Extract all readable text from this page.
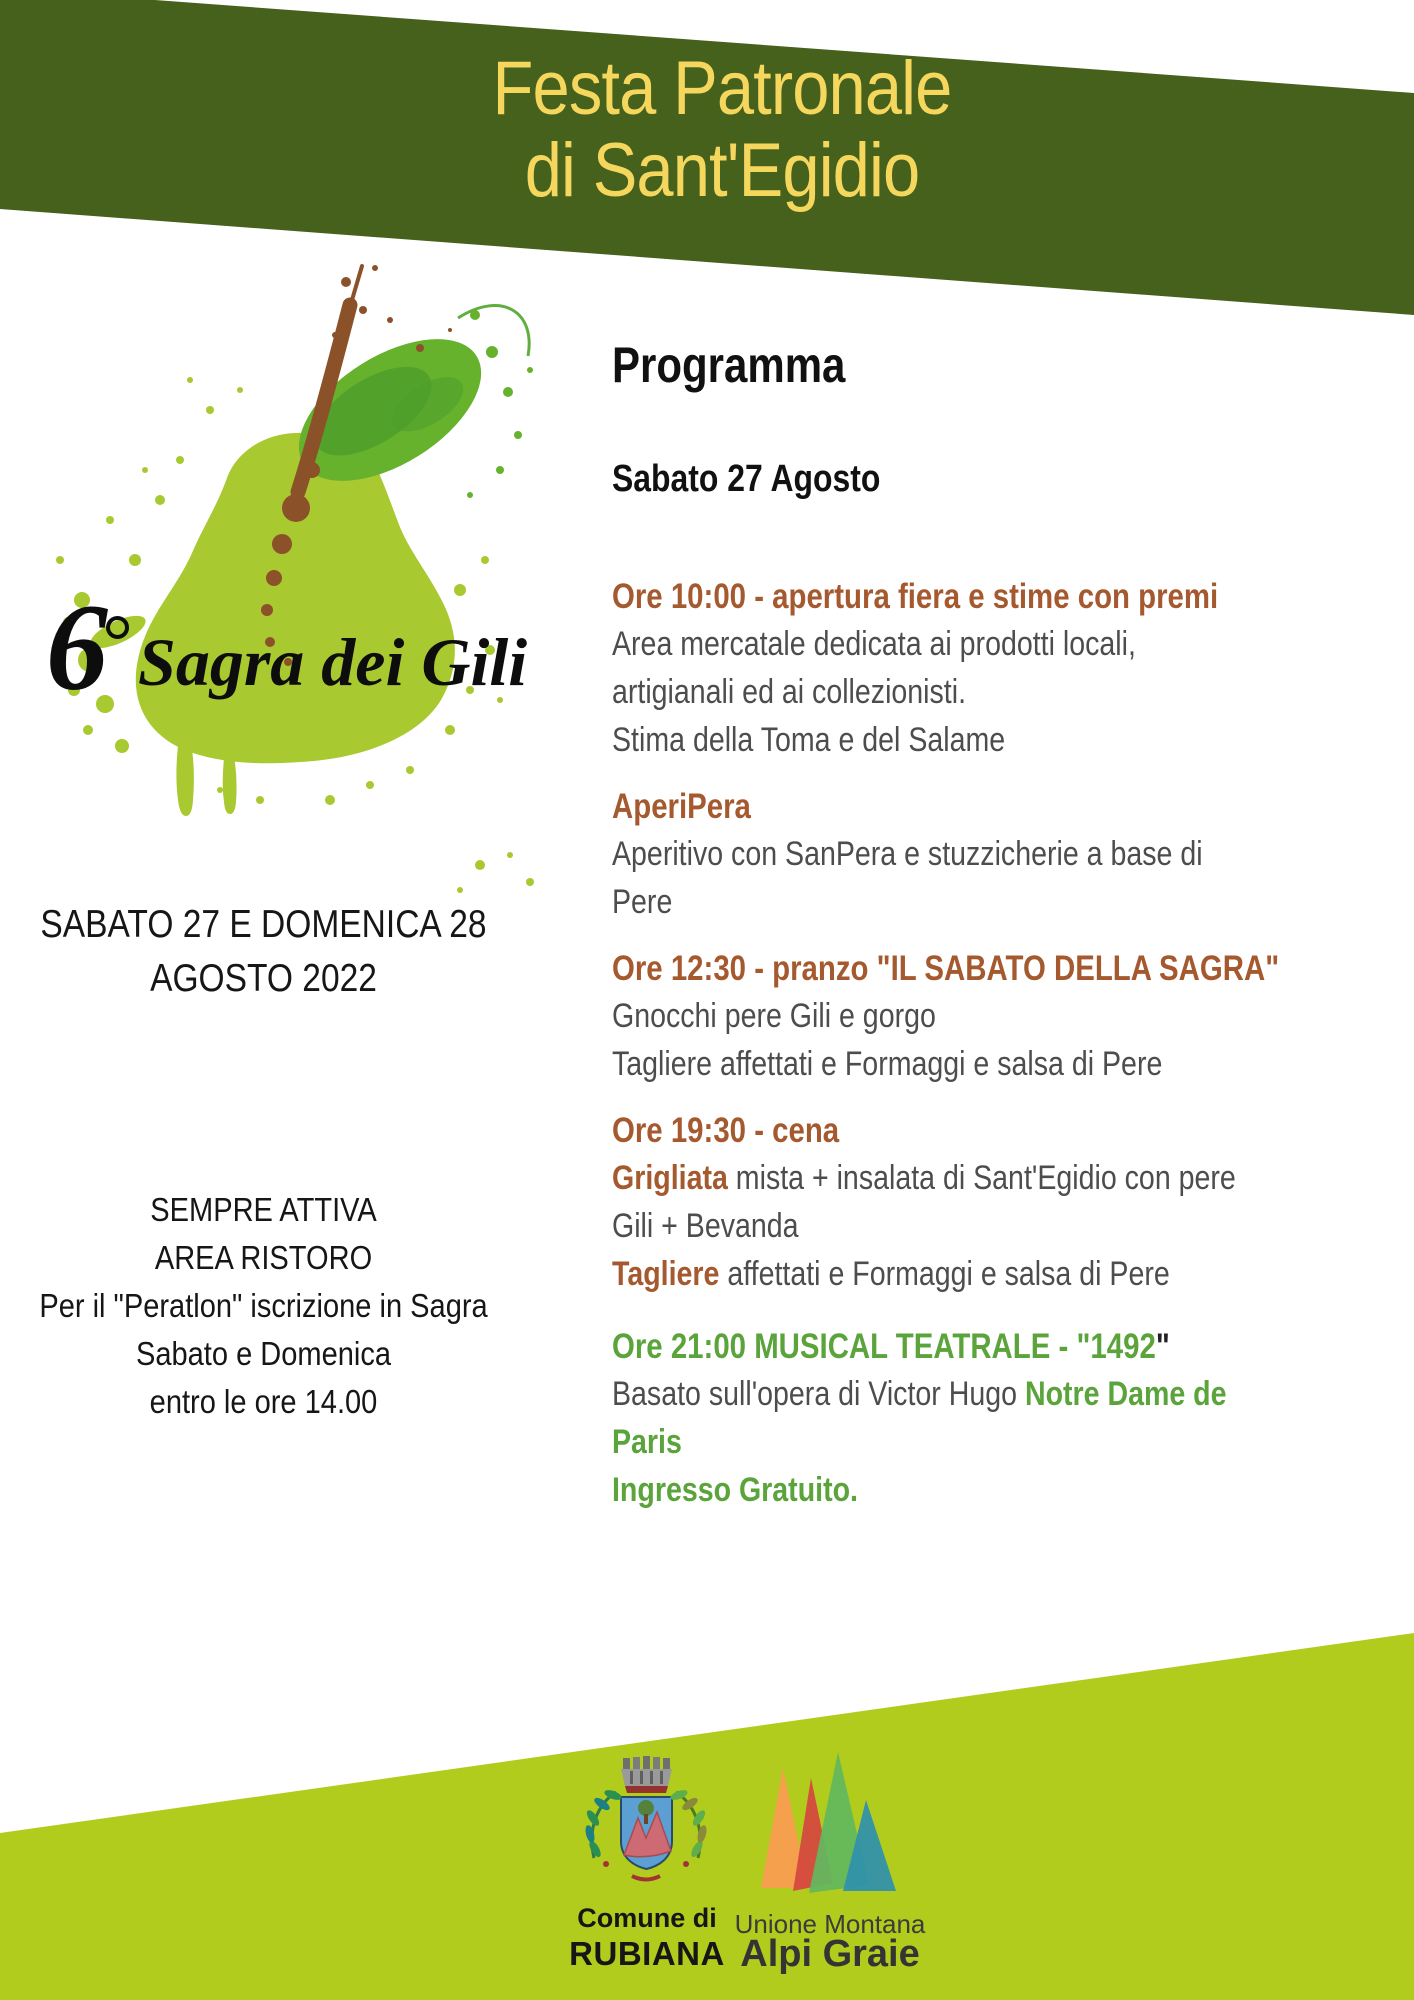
Festa Patronale
di Sant'Egidio
6 Sagra dei Gili
SABATO 27 E DOMENICA 28
AGOSTO 2022
SEMPRE ATTIVA
AREA RISTORO
Per il "Peratlon" iscrizione in Sagra
Sabato e Domenica
entro le ore 14.00
Programma
Sabato 27 Agosto
Ore 10:00 - apertura fiera e stime con premi
Area mercatale dedicata ai prodotti locali,
artigianali ed ai collezionisti.
Stima della Toma e del Salame
AperiPera
Aperitivo con SanPera e stuzzicherie a base di
Pere
Ore 12:30 - pranzo "IL SABATO DELLA SAGRA"
Gnocchi pere Gili e gorgo
Tagliere affettati e Formaggi e salsa di Pere
Ore 19:30 - cena
Grigliata mista + insalata di Sant'Egidio con pere
Gili + Bevanda
Tagliere affettati e Formaggi e salsa di Pere
Ore 21:00 MUSICAL TEATRALE - "1492"
Basato sull'opera di Victor Hugo Notre Dame de
Paris
Ingresso Gratuito.
Comune di
RUBIANA
Unione Montana
Alpi Graie
